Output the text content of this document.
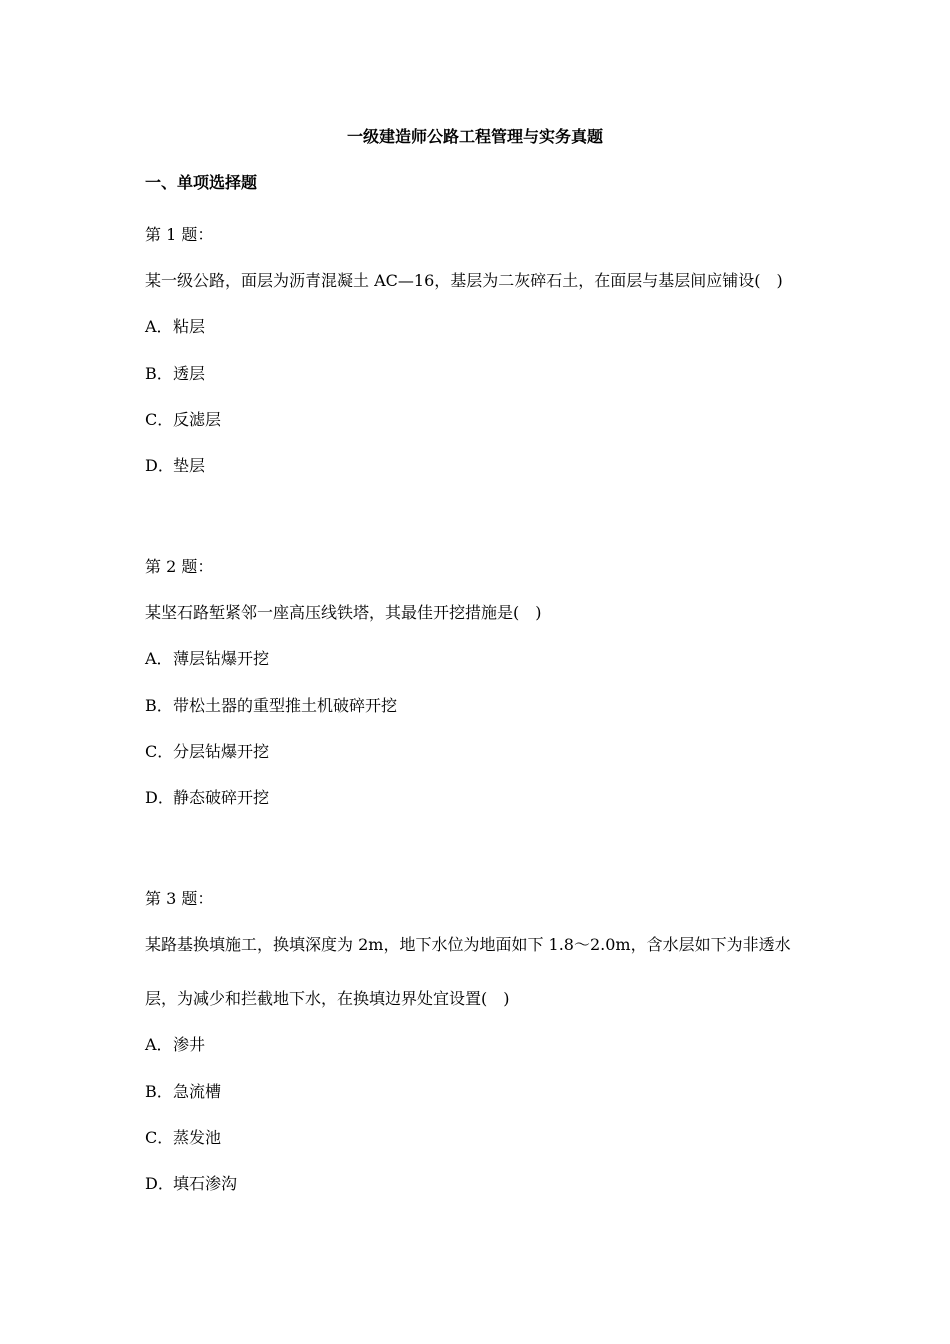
一级建造师公路工程管理与实务真题
一、单项选择题
第 1 题：
某一级公路，面层为沥青混凝土 AC—16，基层为二灰碎石土，在面层与基层间应铺设(　)
A．粘层
B．透层
C．反滤层
D．垫层
第 2 题：
某坚石路堑紧邻一座高压线铁塔，其最佳开挖措施是(　)
A．薄层钻爆开挖
B．带松土器的重型推土机破碎开挖
C．分层钻爆开挖
D．静态破碎开挖
第 3 题：
某路基换填施工，换填深度为 2m，地下水位为地面如下 1.8～2.0m，含水层如下为非透水
层，为减少和拦截地下水，在换填边界处宜设置(　)
A．渗井
B．急流槽
C．蒸发池
D．填石渗沟
